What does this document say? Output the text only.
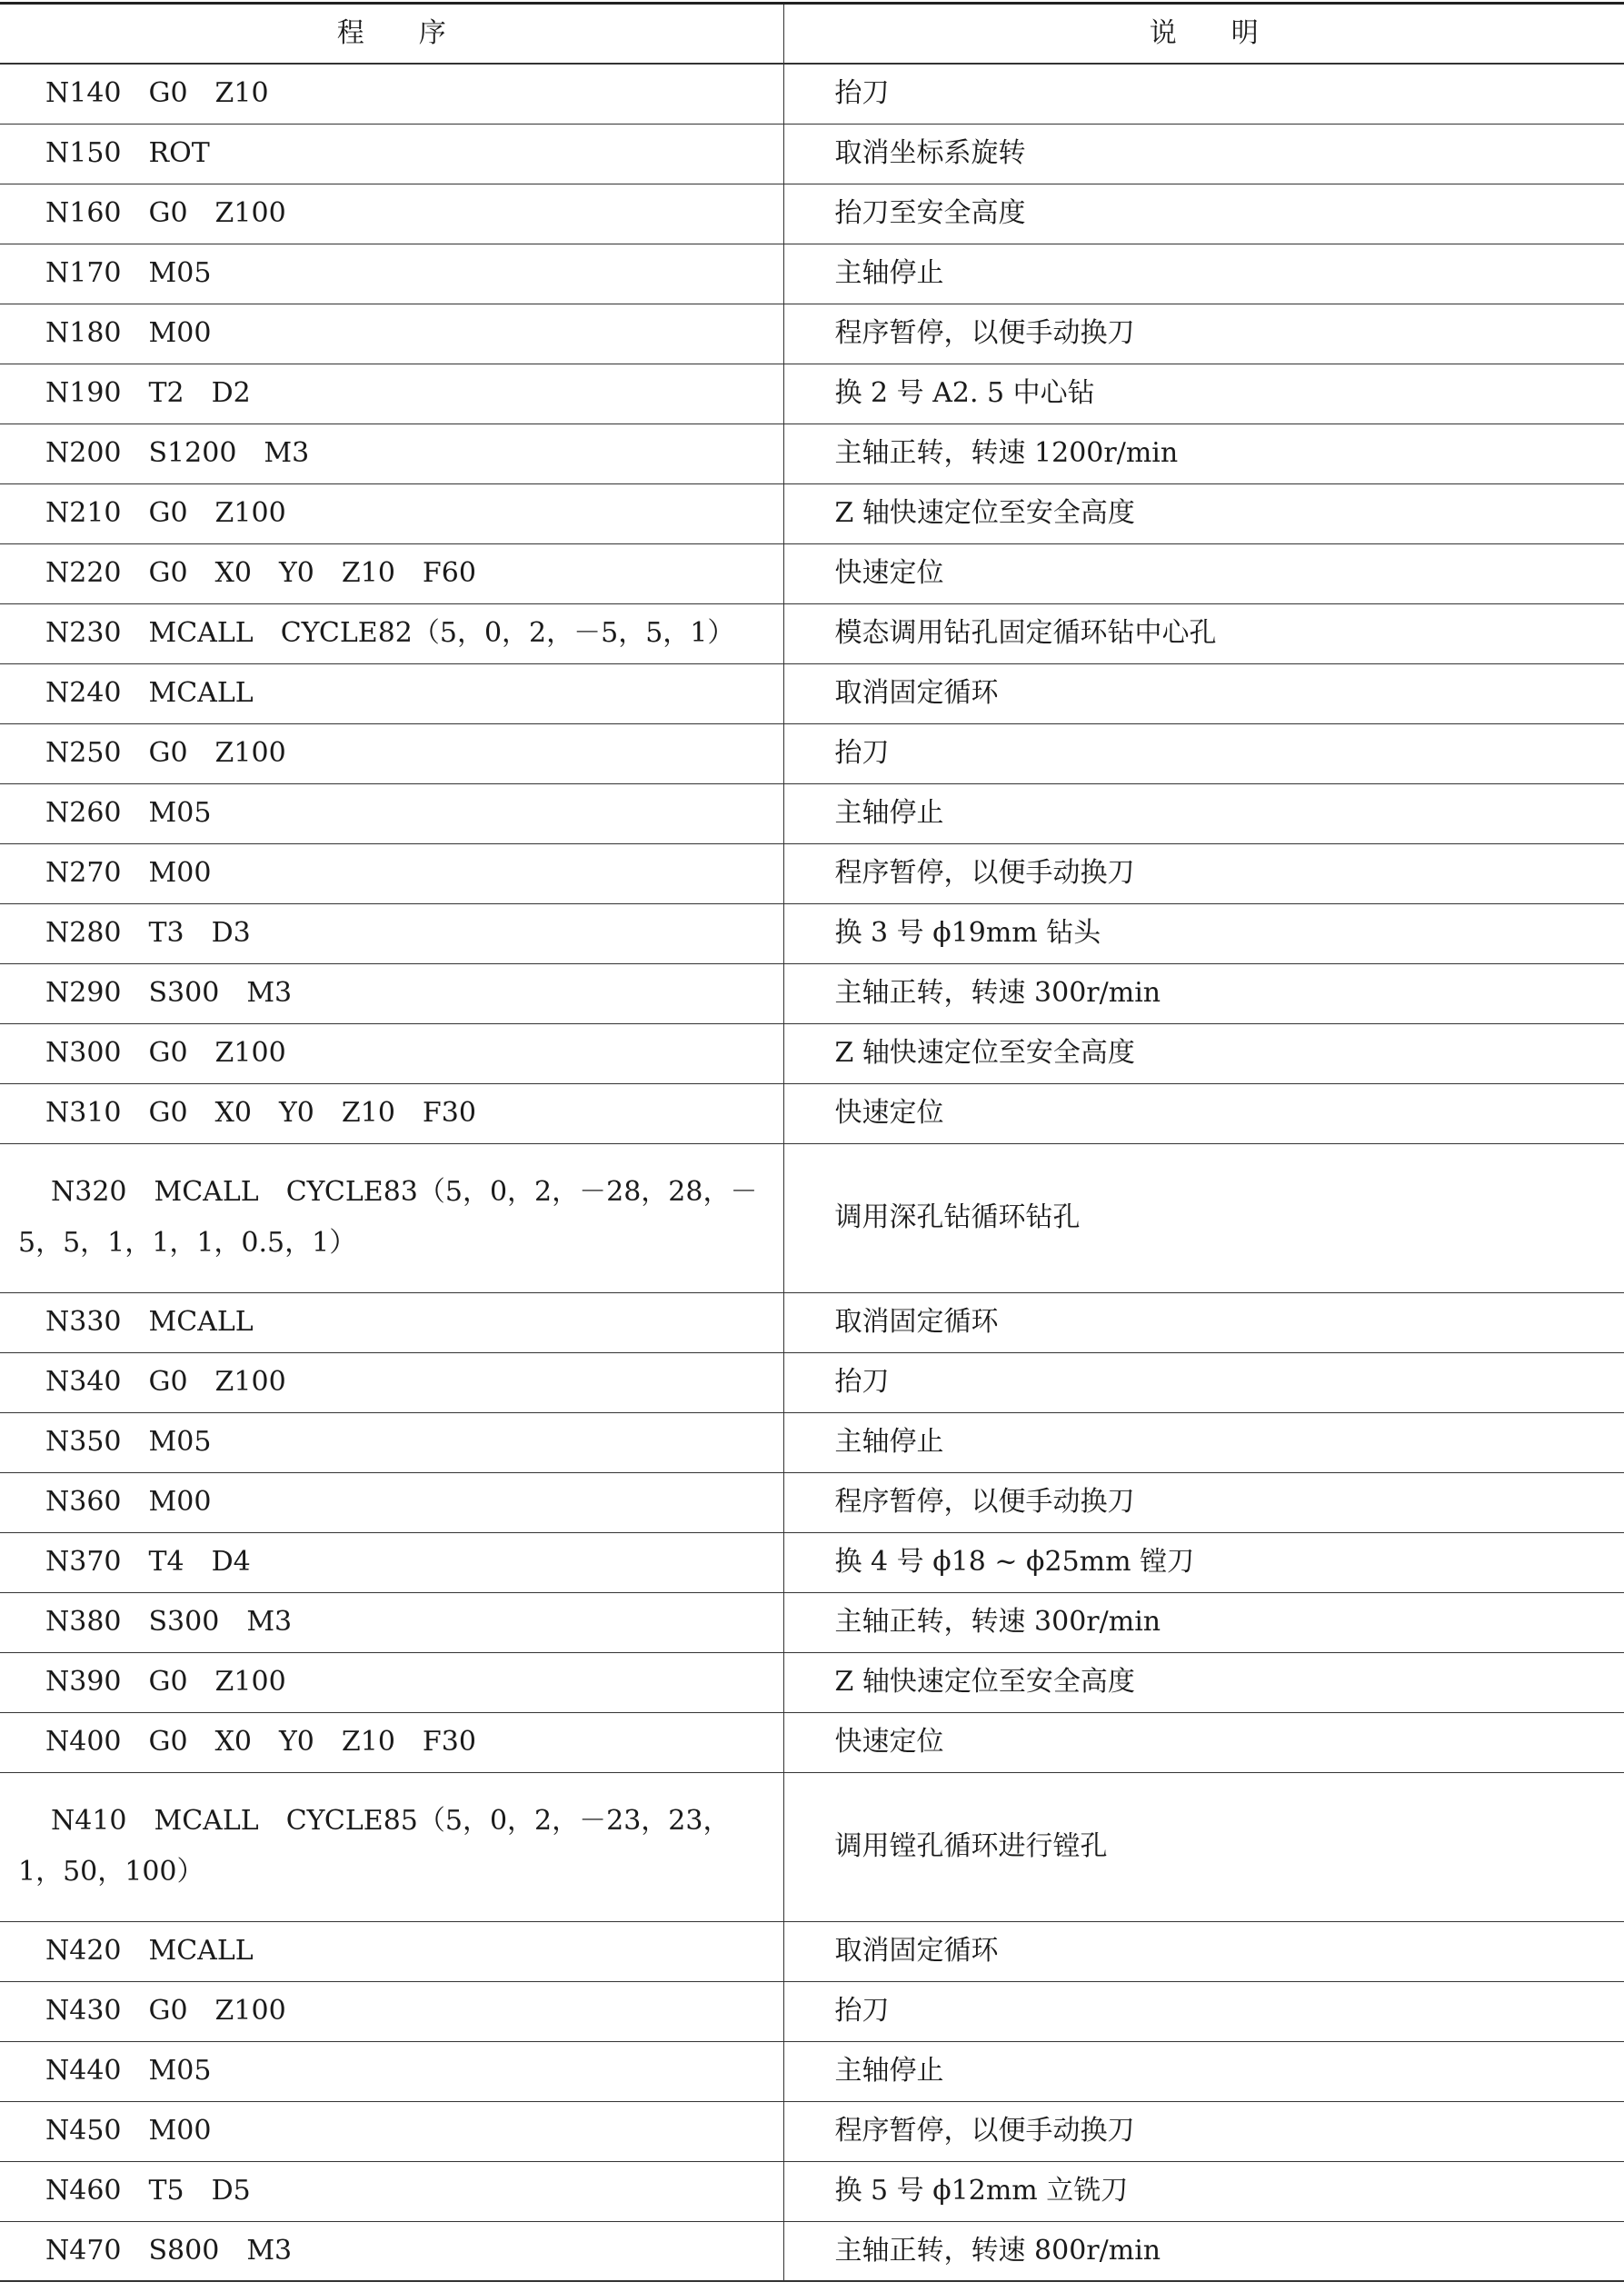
程　　序	说　　明
N140　G0　Z10	抬刀
N150　ROT	取消坐标系旋转
N160　G0　Z100	抬刀至安全高度
N170　M05	主轴停止
N180　M00	程序暂停，以便手动换刀
N190　T2　D2	换 2 号 A2. 5 中心钻
N200　S1200　M3	主轴正转，转速 1200r/min
N210　G0　Z100	Z 轴快速定位至安全高度
N220　G0　X0　Y0　Z10　F60	快速定位
N230　MCALL　CYCLE82（5，0，2，－5，5，1）	模态调用钻孔固定循环钻中心孔
N240　MCALL	取消固定循环
N250　G0　Z100	抬刀
N260　M05	主轴停止
N270　M00	程序暂停，以便手动换刀
N280　T3　D3	换 3 号 ϕ19mm 钻头
N290　S300　M3	主轴正转，转速 300r/min
N300　G0　Z100	Z 轴快速定位至安全高度
N310　G0　X0　Y0　Z10　F30	快速定位
N320　MCALL　CYCLE83（5，0，2，－28，28，－5，5，1，1，1，0.5，1）	调用深孔钻循环钻孔
N330　MCALL	取消固定循环
N340　G0　Z100	抬刀
N350　M05	主轴停止
N360　M00	程序暂停，以便手动换刀
N370　T4　D4	换 4 号 ϕ18 ~ ϕ25mm 镗刀
N380　S300　M3	主轴正转，转速 300r/min
N390　G0　Z100	Z 轴快速定位至安全高度
N400　G0　X0　Y0　Z10　F30	快速定位
N410　MCALL　CYCLE85（5，0，2，－23，23，1，50，100）	调用镗孔循环进行镗孔
N420　MCALL	取消固定循环
N430　G0　Z100	抬刀
N440　M05	主轴停止
N450　M00	程序暂停，以便手动换刀
N460　T5　D5	换 5 号 ϕ12mm 立铣刀
N470　S800　M3	主轴正转，转速 800r/min
